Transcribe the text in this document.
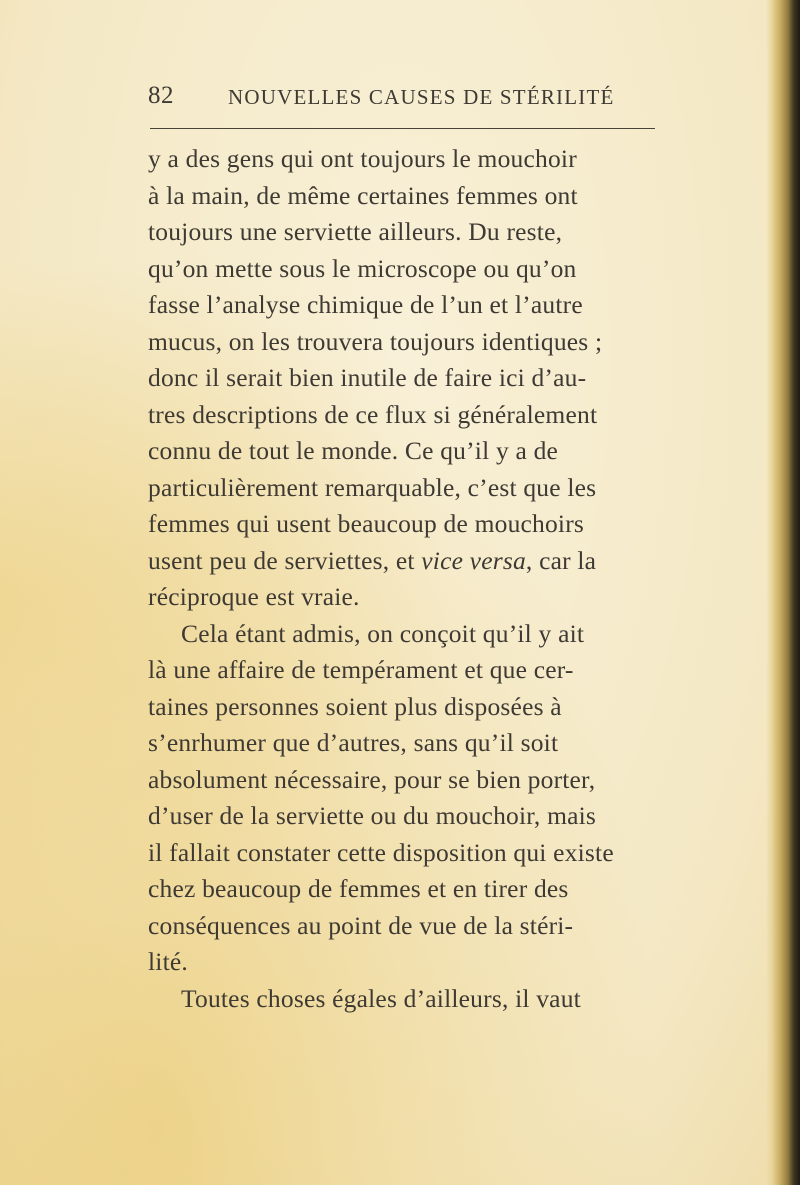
82	NOUVELLES CAUSES DE STÉRILITÉ
y a des gens qui ont toujours le mouchoir
à la main, de même certaines femmes ont
toujours une serviette ailleurs. Du reste,
qu’on mette sous le microscope ou qu’on
fasse l’analyse chimique de l’un et l’autre
mucus, on les trouvera toujours identiques ;
donc il serait bien inutile de faire ici d’au-
tres descriptions de ce flux si généralement
connu de tout le monde. Ce qu’il y a de
particulièrement remarquable, c’est que les
femmes qui usent beaucoup de mouchoirs
usent peu de serviettes, et vice versa, car la
réciproque est vraie.
Cela étant admis, on conçoit qu’il y ait
là une affaire de tempérament et que cer-
taines personnes soient plus disposées à
s’enrhumer que d’autres, sans qu’il soit
absolument nécessaire, pour se bien porter,
d’user de la serviette ou du mouchoir, mais
il fallait constater cette disposition qui existe
chez beaucoup de femmes et en tirer des
conséquences au point de vue de la stéri-
lité.
Toutes choses égales d’ailleurs, il vaut
